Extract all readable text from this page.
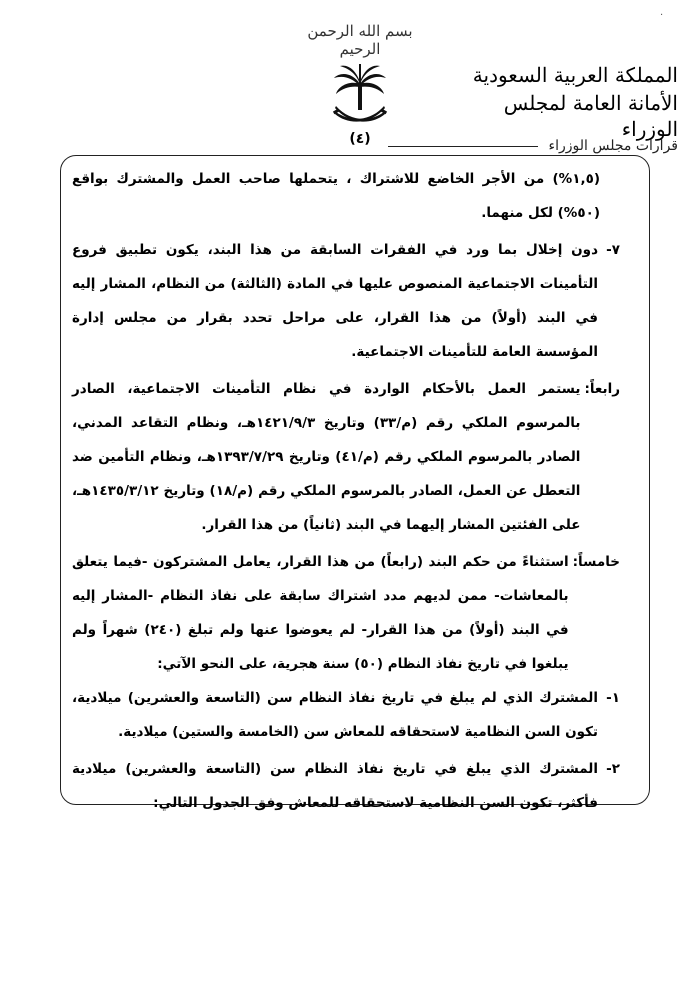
·
بسم الله الرحمن الرحيم
(٤)
المملكة العربية السعودية
الأمانة العامة لمجلس الوزراء
قرارات مجلس الوزراء
(١,٥%) من الأجر الخاضع للاشتراك ، يتحملها صاحب العمل والمشترك بواقع (٥٠%) لكل منهما.
٧-
دون إخلال بما ورد في الفقرات السابقة من هذا البند، يكون تطبيق فروع التأمينات الاجتماعية المنصوص عليها في المادة (الثالثة) من النظام، المشار إليه في البند (أولاً) من هذا القرار، على مراحل تحدد بقرار من مجلس إدارة المؤسسة العامة للتأمينات الاجتماعية.
رابعاً:
يستمر العمل بالأحكام الواردة في نظام التأمينات الاجتماعية، الصادر بالمرسوم الملكي رقم (م/٣٣) وتاريخ ١٤٢١/٩/٣هـ، ونظام التقاعد المدني، الصادر بالمرسوم الملكي رقم (م/٤١) وتاريخ ١٣٩٣/٧/٢٩هـ، ونظام التأمين ضد التعطل عن العمل، الصادر بالمرسوم الملكي رقم (م/١٨) وتاريخ ١٤٣٥/٣/١٢هـ، على الفئتين المشار إليهما في البند (ثانياً) من هذا القرار.
خامساً:
استثناءً من حكم البند (رابعاً) من هذا القرار، يعامل المشتركون -فيما يتعلق بالمعاشات- ممن لديهم مدد اشتراك سابقة على نفاذ النظام -المشار إليه في البند (أولاً) من هذا القرار- لم يعوضوا عنها ولم تبلغ (٢٤٠) شهراً ولم يبلغوا في تاريخ نفاذ النظام (٥٠) سنة هجرية، على النحو الآتي:
١-
المشترك الذي لم يبلغ في تاريخ نفاذ النظام سن (التاسعة والعشرين) ميلادية، تكون السن النظامية لاستحقاقه للمعاش سن (الخامسة والستين) ميلادية.
٢-
المشترك الذي يبلغ في تاريخ نفاذ النظام سن (التاسعة والعشرين) ميلادية فأكثر، تكون السن النظامية لاستحقاقه للمعاش وفق الجدول التالي:
